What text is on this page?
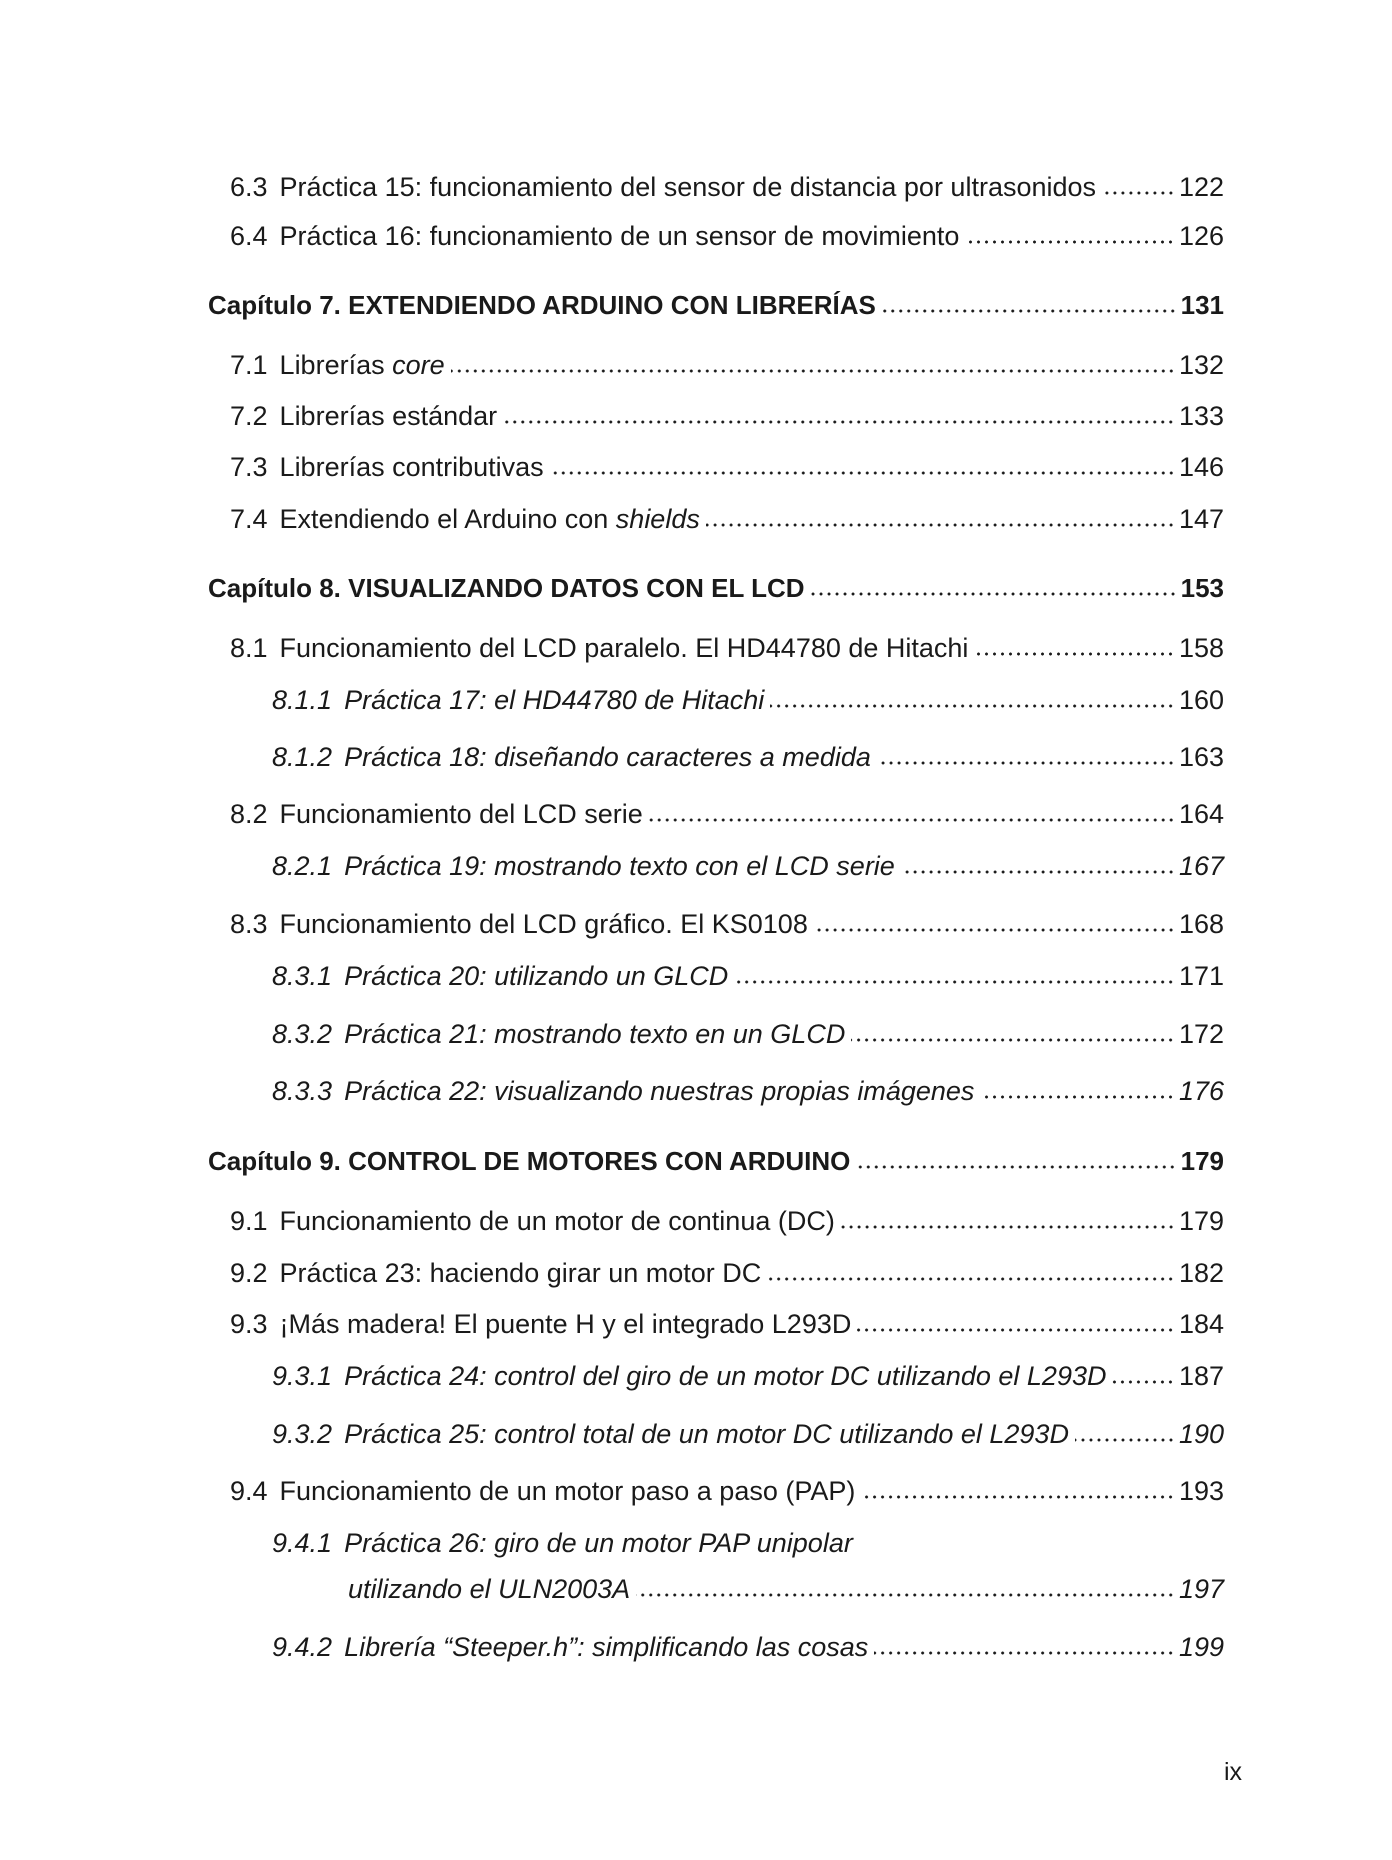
6.3 Práctica 15: funcionamiento del sensor de distancia por ultrasonidos	122
6.4 Práctica 16: funcionamiento de un sensor de movimiento	126
Capítulo 7. EXTENDIENDO ARDUINO CON LIBRERÍAS	131
7.1 Librerías core	132
7.2 Librerías estándar	133
7.3 Librerías contributivas	146
7.4 Extendiendo el Arduino con shields	147
Capítulo 8. VISUALIZANDO DATOS CON EL LCD	153
8.1 Funcionamiento del LCD paralelo. El HD44780 de Hitachi	158
8.1.1 Práctica 17: el HD44780 de Hitachi	160
8.1.2 Práctica 18: diseñando caracteres a medida	163
8.2 Funcionamiento del LCD serie	164
8.2.1 Práctica 19: mostrando texto con el LCD serie	167
8.3 Funcionamiento del LCD gráfico. El KS0108	168
8.3.1 Práctica 20: utilizando un GLCD	171
8.3.2 Práctica 21: mostrando texto en un GLCD	172
8.3.3 Práctica 22: visualizando nuestras propias imágenes	176
Capítulo 9. CONTROL DE MOTORES CON ARDUINO	179
9.1 Funcionamiento de un motor de continua (DC)	179
9.2 Práctica 23: haciendo girar un motor DC	182
9.3 ¡Más madera! El puente H y el integrado L293D	184
9.3.1 Práctica 24: control del giro de un motor DC utilizando el L293D	187
9.3.2 Práctica 25: control total de un motor DC utilizando el L293D	190
9.4 Funcionamiento de un motor paso a paso (PAP)	193
9.4.1 Práctica 26: giro de un motor PAP unipolar
utilizando el ULN2003A	197
9.4.2 Librería “Steeper.h”: simplificando las cosas	199
ix
